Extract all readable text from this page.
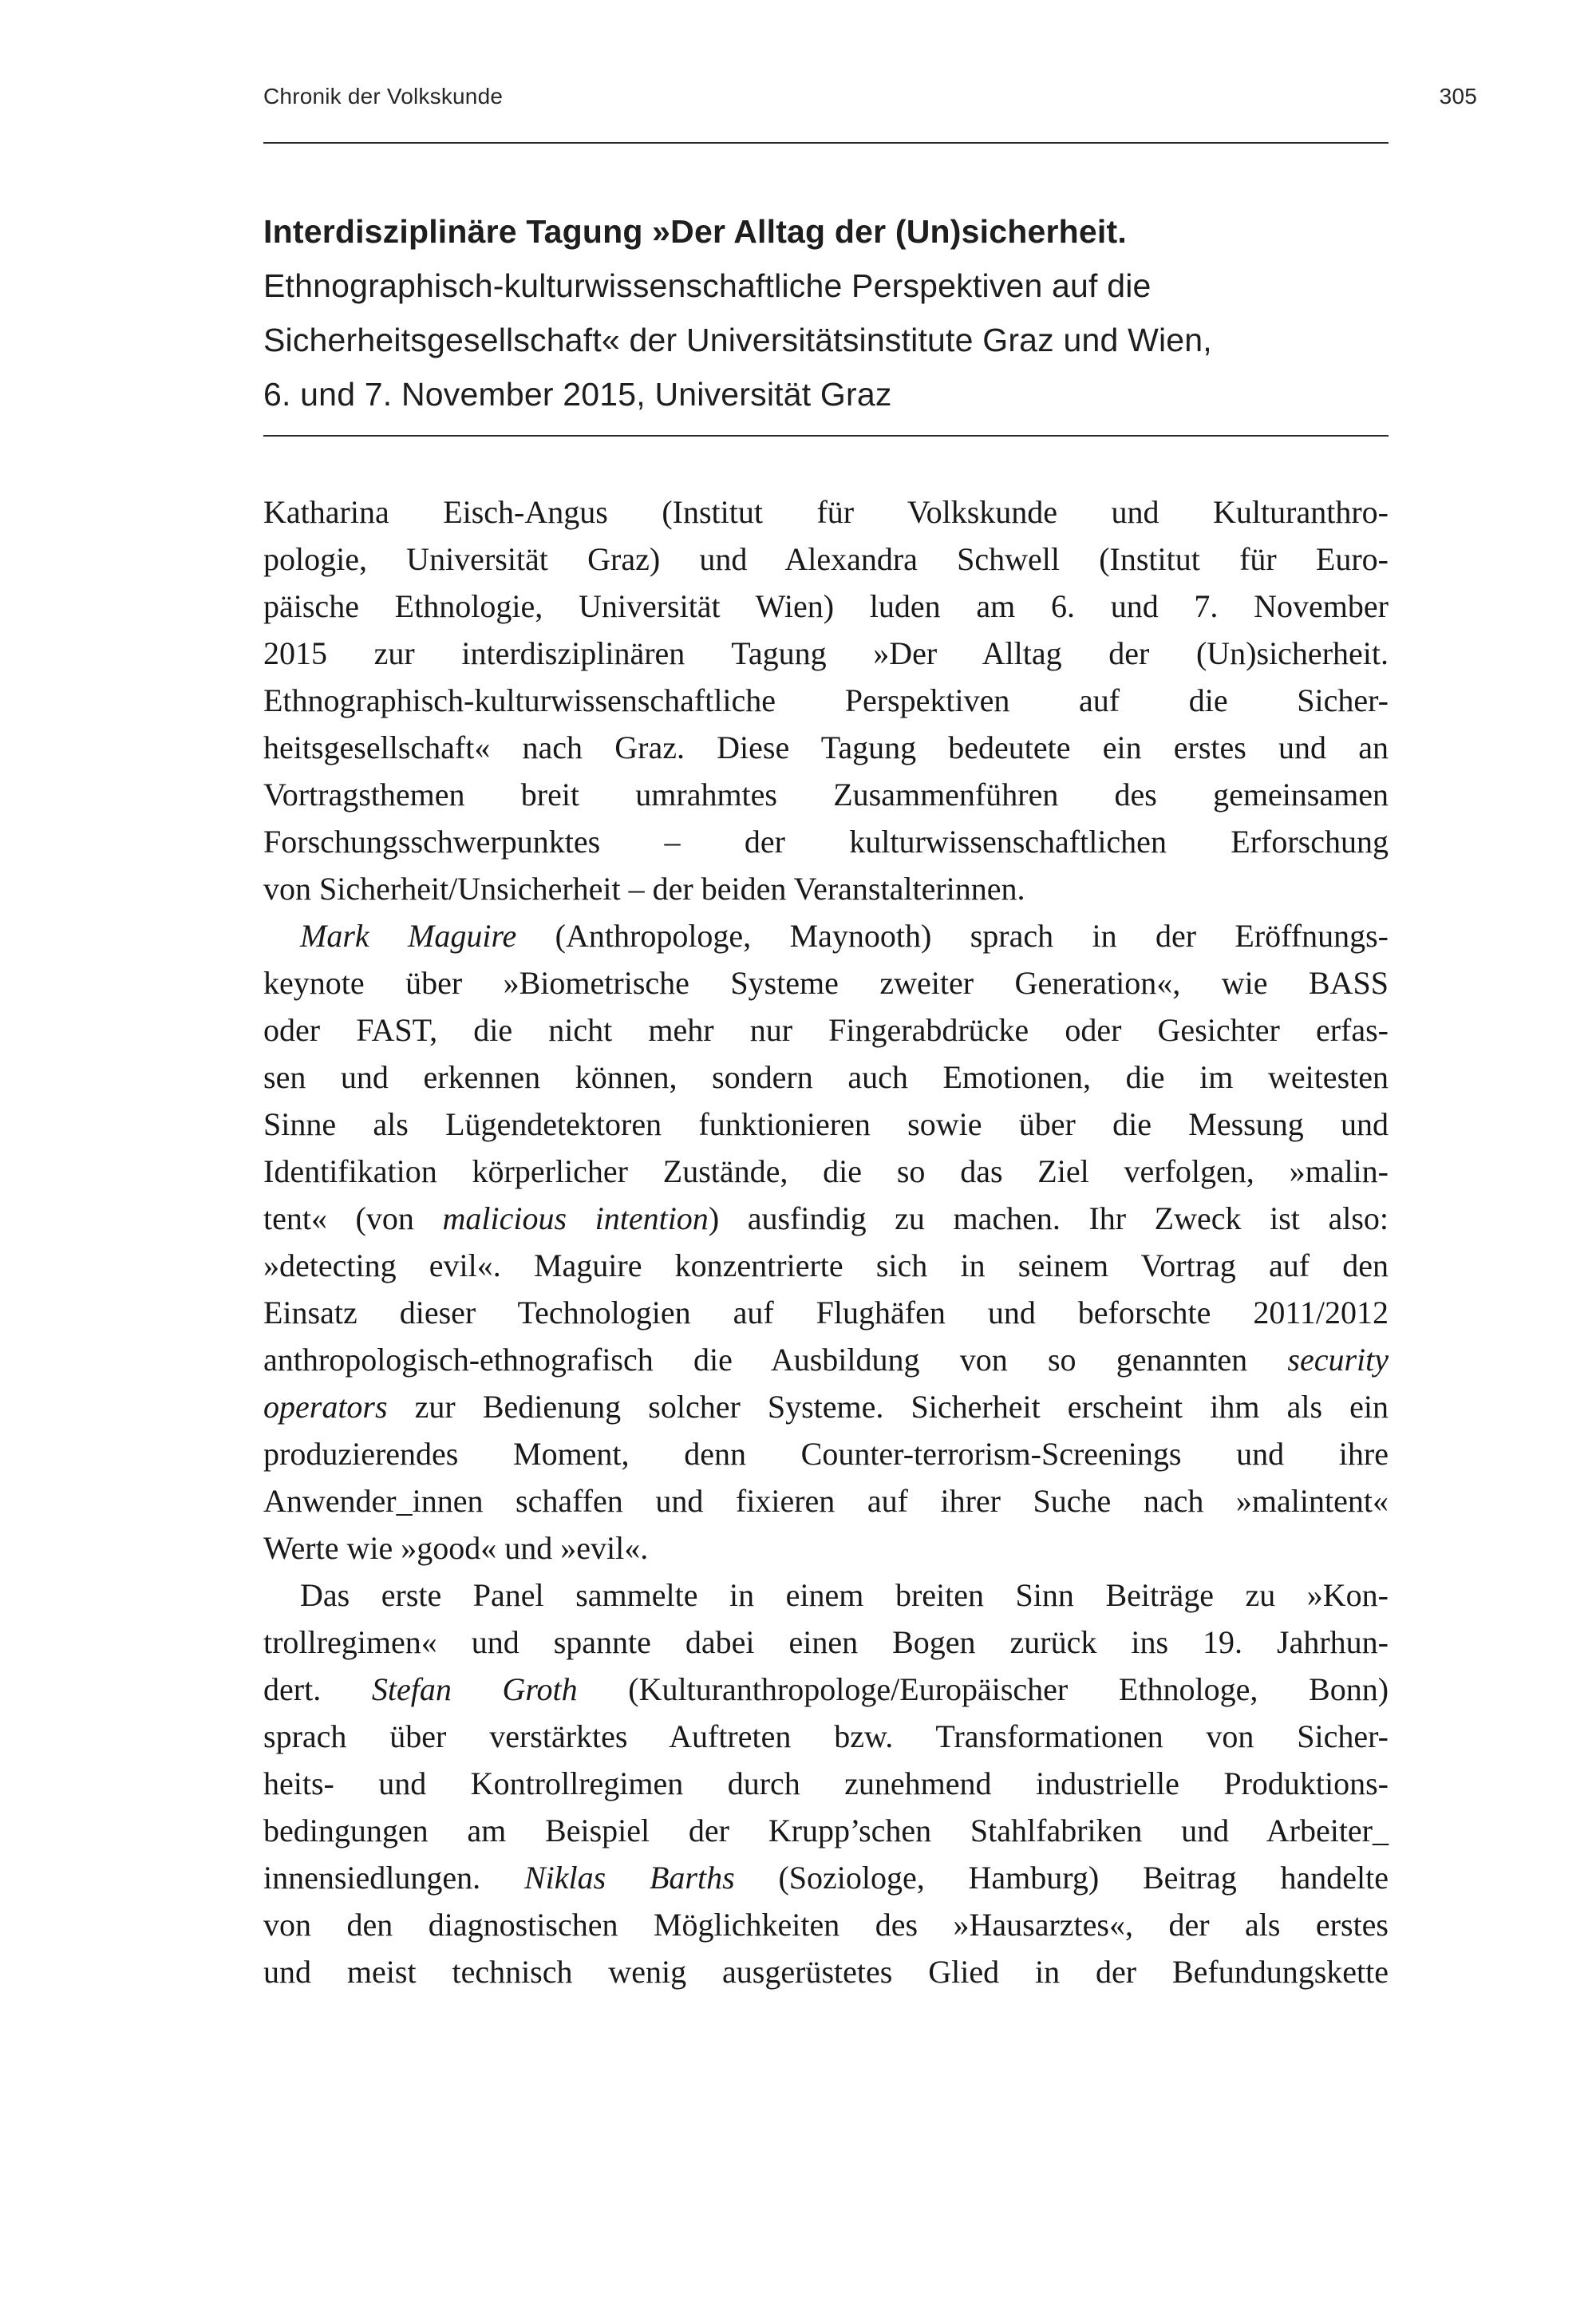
Chronik der Volkskunde	305
Interdisziplinäre Tagung »Der Alltag der (Un)sicherheit.
Ethnographisch-kulturwissenschaftliche Perspektiven auf die
Sicherheitsgesellschaft« der Universitätsinstitute Graz und Wien,
6. und 7. November 2015, Universität Graz
Katharina Eisch-Angus (Institut für Volkskunde und Kulturanthro-
pologie, Universität Graz) und Alexandra Schwell (Institut für Euro-
päische Ethnologie, Universität Wien) luden am 6. und 7. November
2015 zur interdisziplinären Tagung »Der Alltag der (Un)sicherheit.
Ethnographisch-kulturwissenschaftliche Perspektiven auf die Sicher-
heitsgesellschaft« nach Graz. Diese Tagung bedeutete ein erstes und an
Vortragsthemen breit umrahmtes Zusammenführen des gemeinsamen
Forschungsschwerpunktes – der kulturwissenschaftlichen Erforschung
von Sicherheit/Unsicherheit – der beiden Veranstalterinnen.
Mark Maguire (Anthropologe, Maynooth) sprach in der Eröffnungs-
keynote über »Biometrische Systeme zweiter Generation«, wie BASS
oder FAST, die nicht mehr nur Fingerabdrücke oder Gesichter erfas-
sen und erkennen können, sondern auch Emotionen, die im weitesten
Sinne als Lügendetektoren funktionieren sowie über die Messung und
Identifikation körperlicher Zustände, die so das Ziel verfolgen, »malin-
tent« (von malicious intention) ausfindig zu machen. Ihr Zweck ist also:
»detecting evil«. Maguire konzentrierte sich in seinem Vortrag auf den
Einsatz dieser Technologien auf Flughäfen und beforschte 2011/2012
anthropologisch-ethnografisch die Ausbildung von so genannten security
operators zur Bedienung solcher Systeme. Sicherheit erscheint ihm als ein
produzierendes Moment, denn Counter-terrorism-Screenings und ihre
Anwender_innen schaffen und fixieren auf ihrer Suche nach »malintent«
Werte wie »good« und »evil«.
Das erste Panel sammelte in einem breiten Sinn Beiträge zu »Kon-
trollregimen« und spannte dabei einen Bogen zurück ins 19. Jahrhun-
dert. Stefan Groth (Kulturanthropologe/Europäischer Ethnologe, Bonn)
sprach über verstärktes Auftreten bzw. Transformationen von Sicher-
heits- und Kontrollregimen durch zunehmend industrielle Produktions-
bedingungen am Beispiel der Krupp’schen Stahlfabriken und Arbeiter_
innensiedlungen. Niklas Barths (Soziologe, Hamburg) Beitrag handelte
von den diagnostischen Möglichkeiten des »Hausarztes«, der als erstes
und meist technisch wenig ausgerüstetes Glied in der Befundungskette
